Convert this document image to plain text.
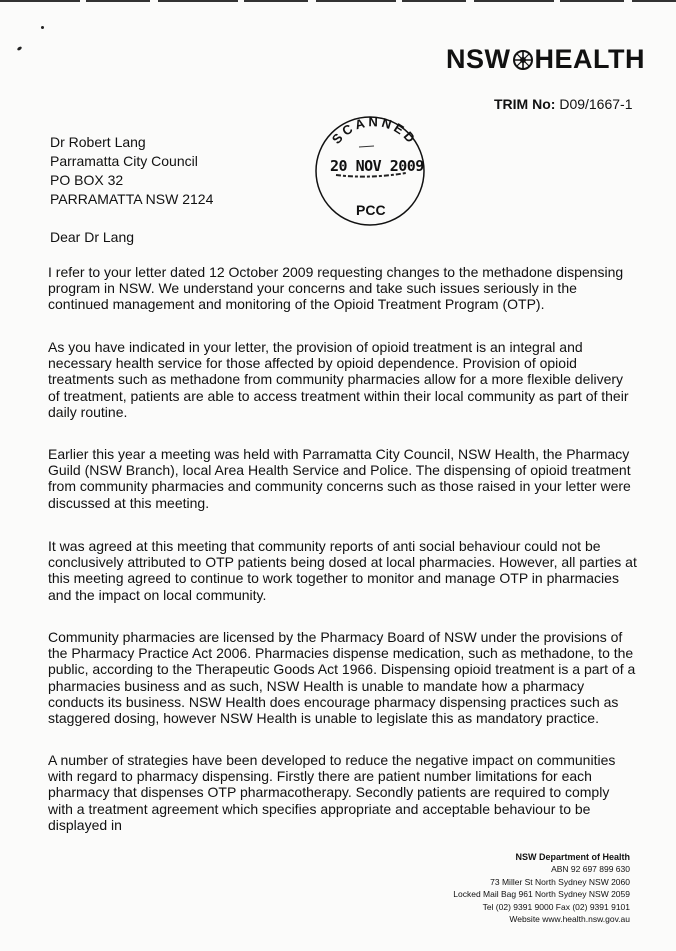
NSW HEALTH
TRIM No: D09/1667-1
Dr Robert Lang
Parramatta City Council
PO BOX 32
PARRAMATTA NSW 2124
SCANNED
20 NOV 2009
PCC
Dear Dr Lang

I refer to your letter dated 12 October 2009 requesting changes to the methadone dispensing program in NSW. We understand your concerns and take such issues seriously in the continued management and monitoring of the Opioid Treatment Program (OTP).

As you have indicated in your letter, the provision of opioid treatment is an integral and necessary health service for those affected by opioid dependence. Provision of opioid treatments such as methadone from community pharmacies allow for a more flexible delivery of treatment, patients are able to access treatment within their local community as part of their daily routine.

Earlier this year a meeting was held with Parramatta City Council, NSW Health, the Pharmacy Guild (NSW Branch), local Area Health Service and Police. The dispensing of opioid treatment from community pharmacies and community concerns such as those raised in your letter were discussed at this meeting.

It was agreed at this meeting that community reports of anti social behaviour could not be conclusively attributed to OTP patients being dosed at local pharmacies. However, all parties at this meeting agreed to continue to work together to monitor and manage OTP in pharmacies and the impact on local community.

Community pharmacies are licensed by the Pharmacy Board of NSW under the provisions of the Pharmacy Practice Act 2006. Pharmacies dispense medication, such as methadone, to the public, according to the Therapeutic Goods Act 1966. Dispensing opioid treatment is a part of a pharmacies business and as such, NSW Health is unable to mandate how a pharmacy conducts its business. NSW Health does encourage pharmacy dispensing practices such as staggered dosing, however NSW Health is unable to legislate this as mandatory practice.

A number of strategies have been developed to reduce the negative impact on communities with regard to pharmacy dispensing. Firstly there are patient number limitations for each pharmacy that dispenses OTP pharmacotherapy. Secondly patients are required to comply with a treatment agreement which specifies appropriate and acceptable behaviour to be displayed in

NSW Department of Health
ABN 92 697 899 630
73 Miller St North Sydney NSW 2060
Locked Mail Bag 961 North Sydney NSW 2059
Tel (02) 9391 9000 Fax (02) 9391 9101
Website www.health.nsw.gov.au
